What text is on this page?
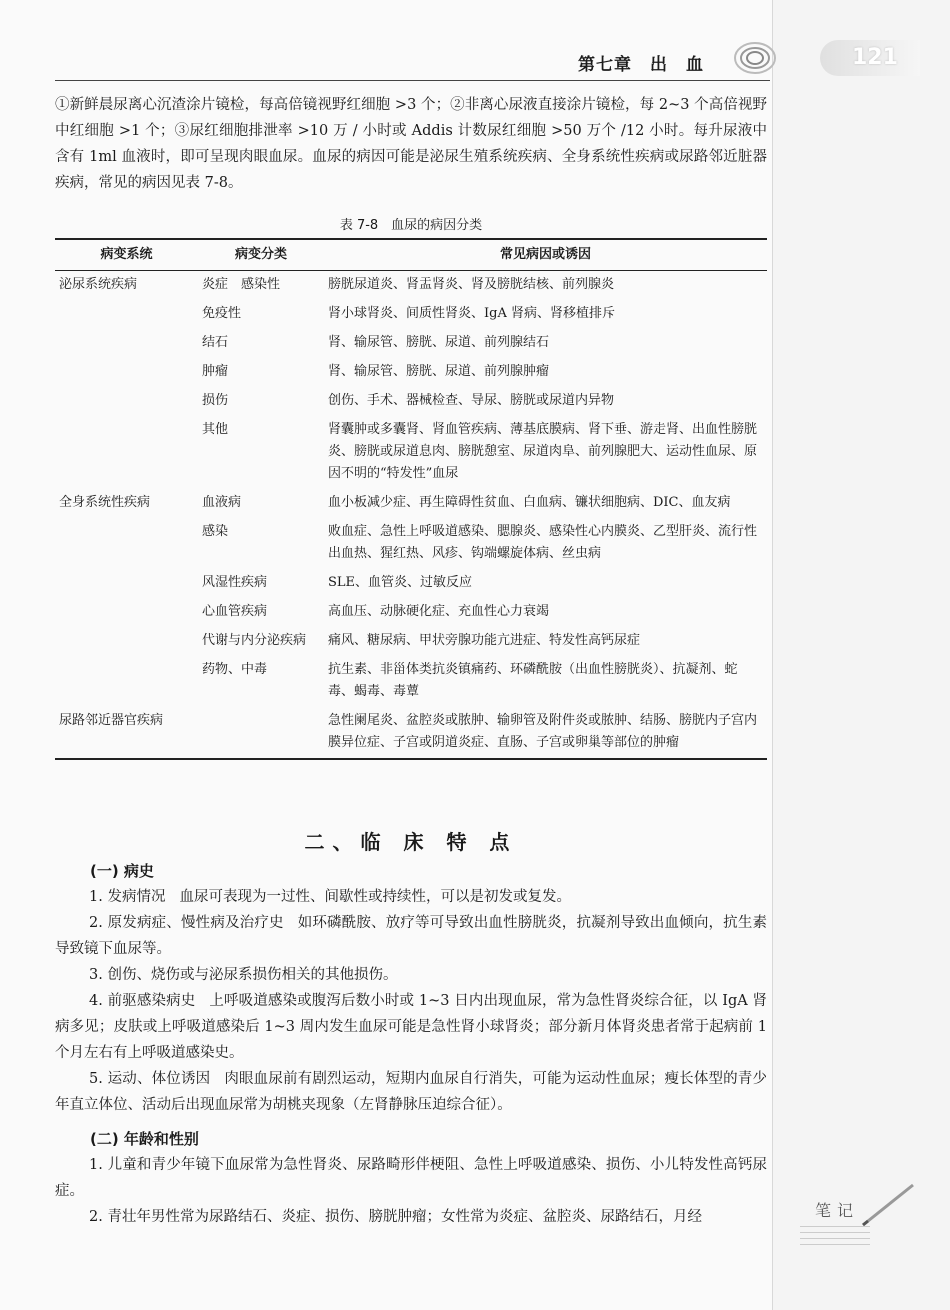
第七章　出　血	121
①新鲜晨尿离心沉渣涂片镜检，每高倍镜视野红细胞 >3 个；②非离心尿液直接涂片镜检，每 2~3 个高倍视野中红细胞 >1 个；③尿红细胞排泄率 >10 万 / 小时或 Addis 计数尿红细胞 >50 万个 /12 小时。每升尿液中含有 1ml 血液时，即可呈现肉眼血尿。血尿的病因可能是泌尿生殖系统疾病、全身系统性疾病或尿路邻近脏器疾病，常见的病因见表 7-8。
表 7-8　血尿的病因分类
病变系统	病变分类	常见病因或诱因
泌尿系统疾病	炎症　感染性	膀胱尿道炎、肾盂肾炎、肾及膀胱结核、前列腺炎
	免疫性	肾小球肾炎、间质性肾炎、IgA 肾病、肾移植排斥
	结石	肾、输尿管、膀胱、尿道、前列腺结石
	肿瘤	肾、输尿管、膀胱、尿道、前列腺肿瘤
	损伤	创伤、手术、器械检查、导尿、膀胱或尿道内异物
	其他	肾囊肿或多囊肾、肾血管疾病、薄基底膜病、肾下垂、游走肾、出血性膀胱炎、膀胱或尿道息肉、膀胱憩室、尿道肉阜、前列腺肥大、运动性血尿、原因不明的“特发性”血尿
全身系统性疾病	血液病	血小板减少症、再生障碍性贫血、白血病、镰状细胞病、DIC、血友病
	感染	败血症、急性上呼吸道感染、腮腺炎、感染性心内膜炎、乙型肝炎、流行性出血热、猩红热、风疹、钩端螺旋体病、丝虫病
	风湿性疾病	SLE、血管炎、过敏反应
	心血管疾病	高血压、动脉硬化症、充血性心力衰竭
	代谢与内分泌疾病	痛风、糖尿病、甲状旁腺功能亢进症、特发性高钙尿症
	药物、中毒	抗生素、非甾体类抗炎镇痛药、环磷酰胺（出血性膀胱炎）、抗凝剂、蛇毒、蝎毒、毒蕈
尿路邻近器官疾病		急性阑尾炎、盆腔炎或脓肿、输卵管及附件炎或脓肿、结肠、膀胱内子宫内膜异位症、子宫或阴道炎症、直肠、子宫或卵巢等部位的肿瘤
二、临 床 特 点
(一) 病史

1. 发病情况 血尿可表现为一过性、间歇性或持续性，可以是初发或复发。

2. 原发病症、慢性病及治疗史 如环磷酰胺、放疗等可导致出血性膀胱炎，抗凝剂导致出血倾向，抗生素导致镜下血尿等。

3. 创伤、烧伤或与泌尿系损伤相关的其他损伤。

4. 前驱感染病史 上呼吸道感染或腹泻后数小时或 1~3 日内出现血尿，常为急性肾炎综合征，以 IgA 肾病多见；皮肤或上呼吸道感染后 1~3 周内发生血尿可能是急性肾小球肾炎；部分新月体肾炎患者常于起病前 1 个月左右有上呼吸道感染史。

5. 运动、体位诱因 肉眼血尿前有剧烈运动，短期内血尿自行消失，可能为运动性血尿；瘦长体型的青少年直立体位、活动后出现血尿常为胡桃夹现象（左肾静脉压迫综合征）。

(二) 年龄和性别

1. 儿童和青少年镜下血尿常为急性肾炎、尿路畸形伴梗阻、急性上呼吸道感染、损伤、小儿特发性高钙尿症。

2. 青壮年男性常为尿路结石、炎症、损伤、膀胱肿瘤；女性常为炎症、盆腔炎、尿路结石，月经	笔记
